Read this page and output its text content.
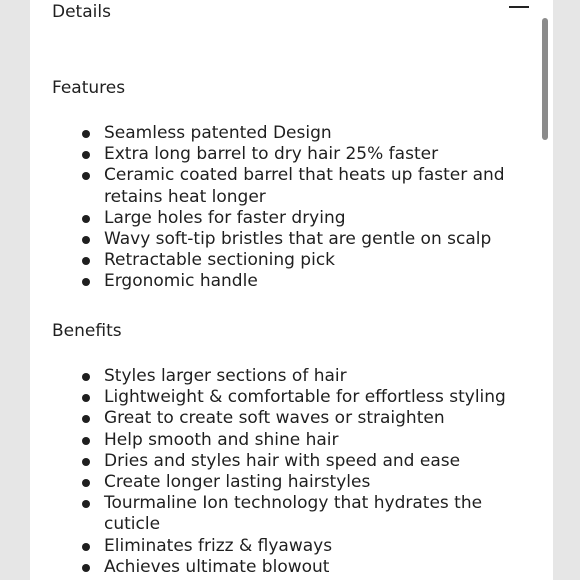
Details
Features
Seamless patented Design
Extra long barrel to dry hair 25% faster
Ceramic coated barrel that heats up faster and retains heat longer
Large holes for faster drying
Wavy soft-tip bristles that are gentle on scalp
Retractable sectioning pick
Ergonomic handle
Benefits
Styles larger sections of hair
Lightweight & comfortable for effortless styling
Great to create soft waves or straighten
Help smooth and shine hair
Dries and styles hair with speed and ease
Create longer lasting hairstyles
Tourmaline Ion technology that hydrates the cuticle
Eliminates frizz & flyaways
Achieves ultimate blowout
